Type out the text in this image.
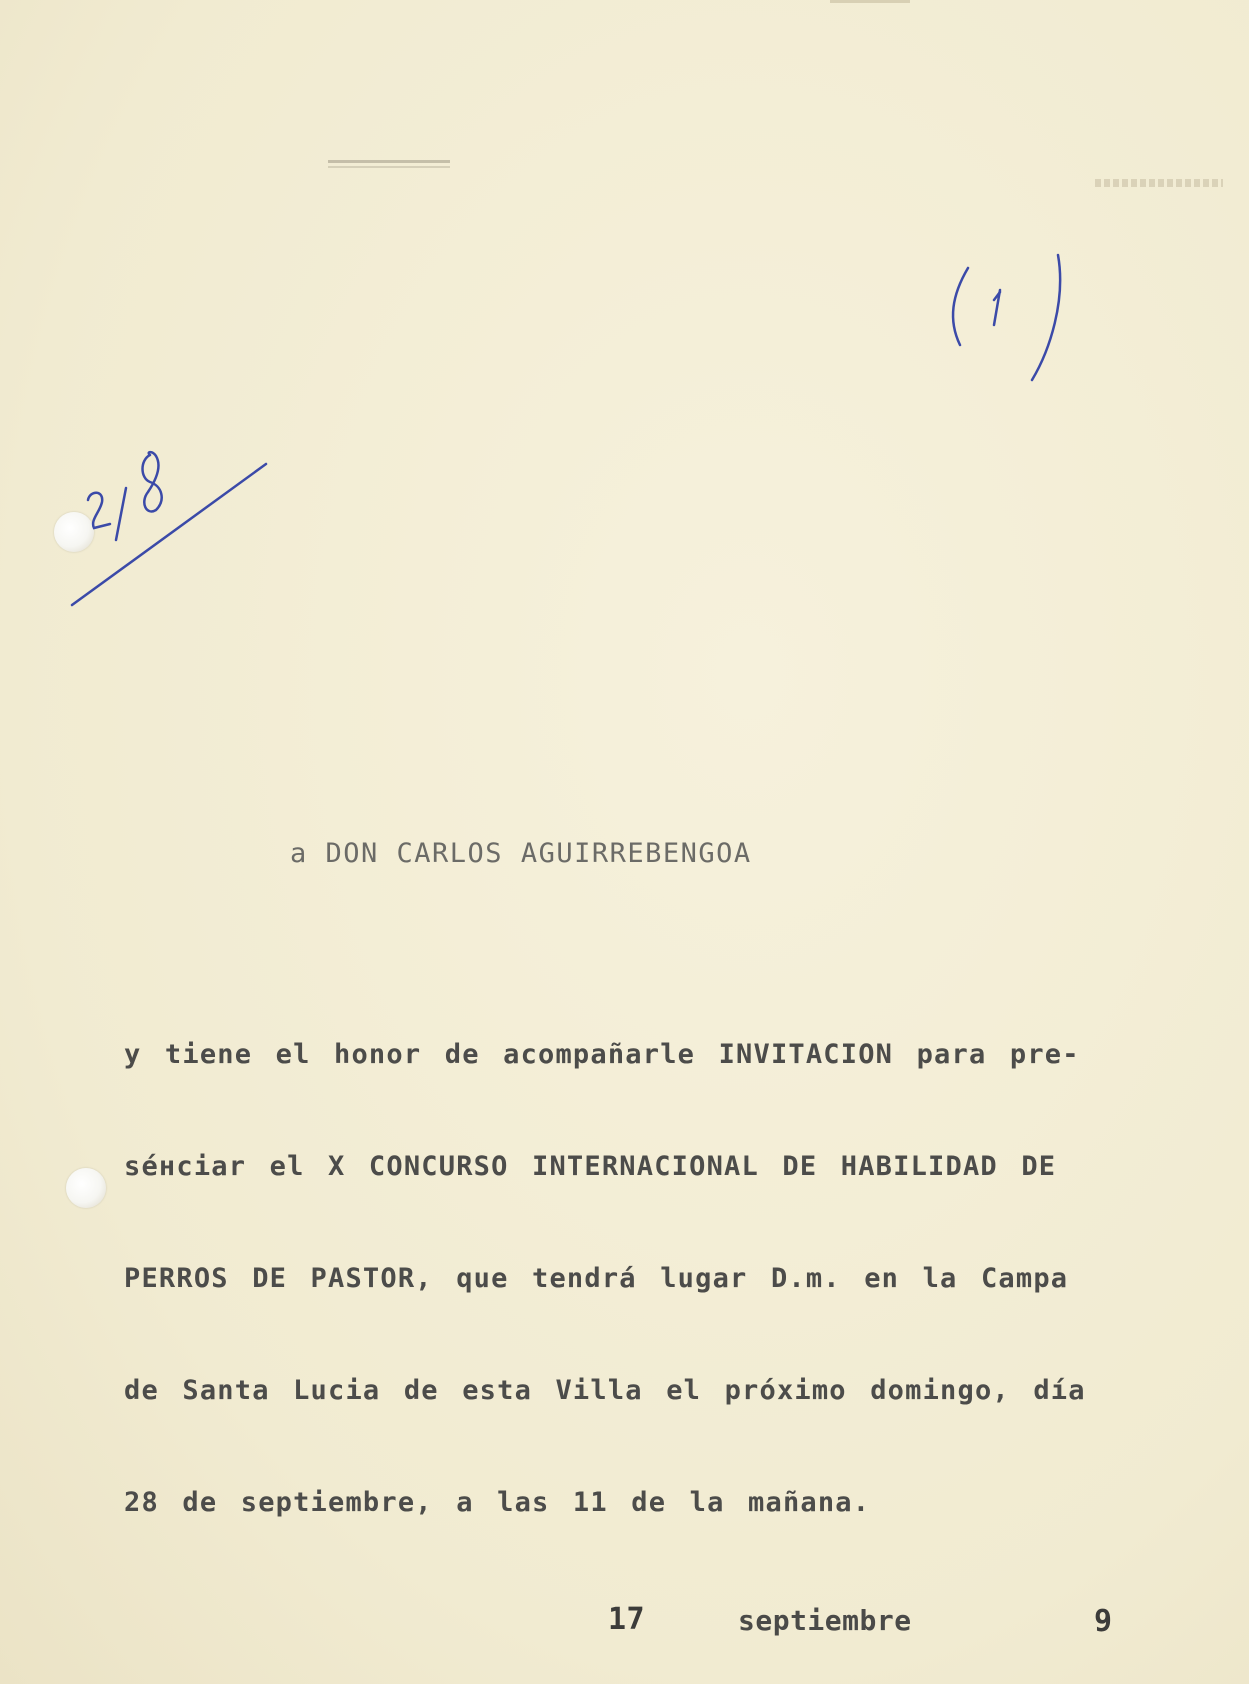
a DON CARLOS AGUIRREBENGOA

y tiene el honor de acompañarle INVITACION para pre-

séнciar el X CONCURSO INTERNACIONAL DE HABILIDAD DE

PERROS DE PASTOR, que tendrá lugar D.m. en la Campa

de Santa Lucia de esta Villa el próximo domingo, día

28 de septiembre, a las 11 de la mañana.

17	septiembre	9
